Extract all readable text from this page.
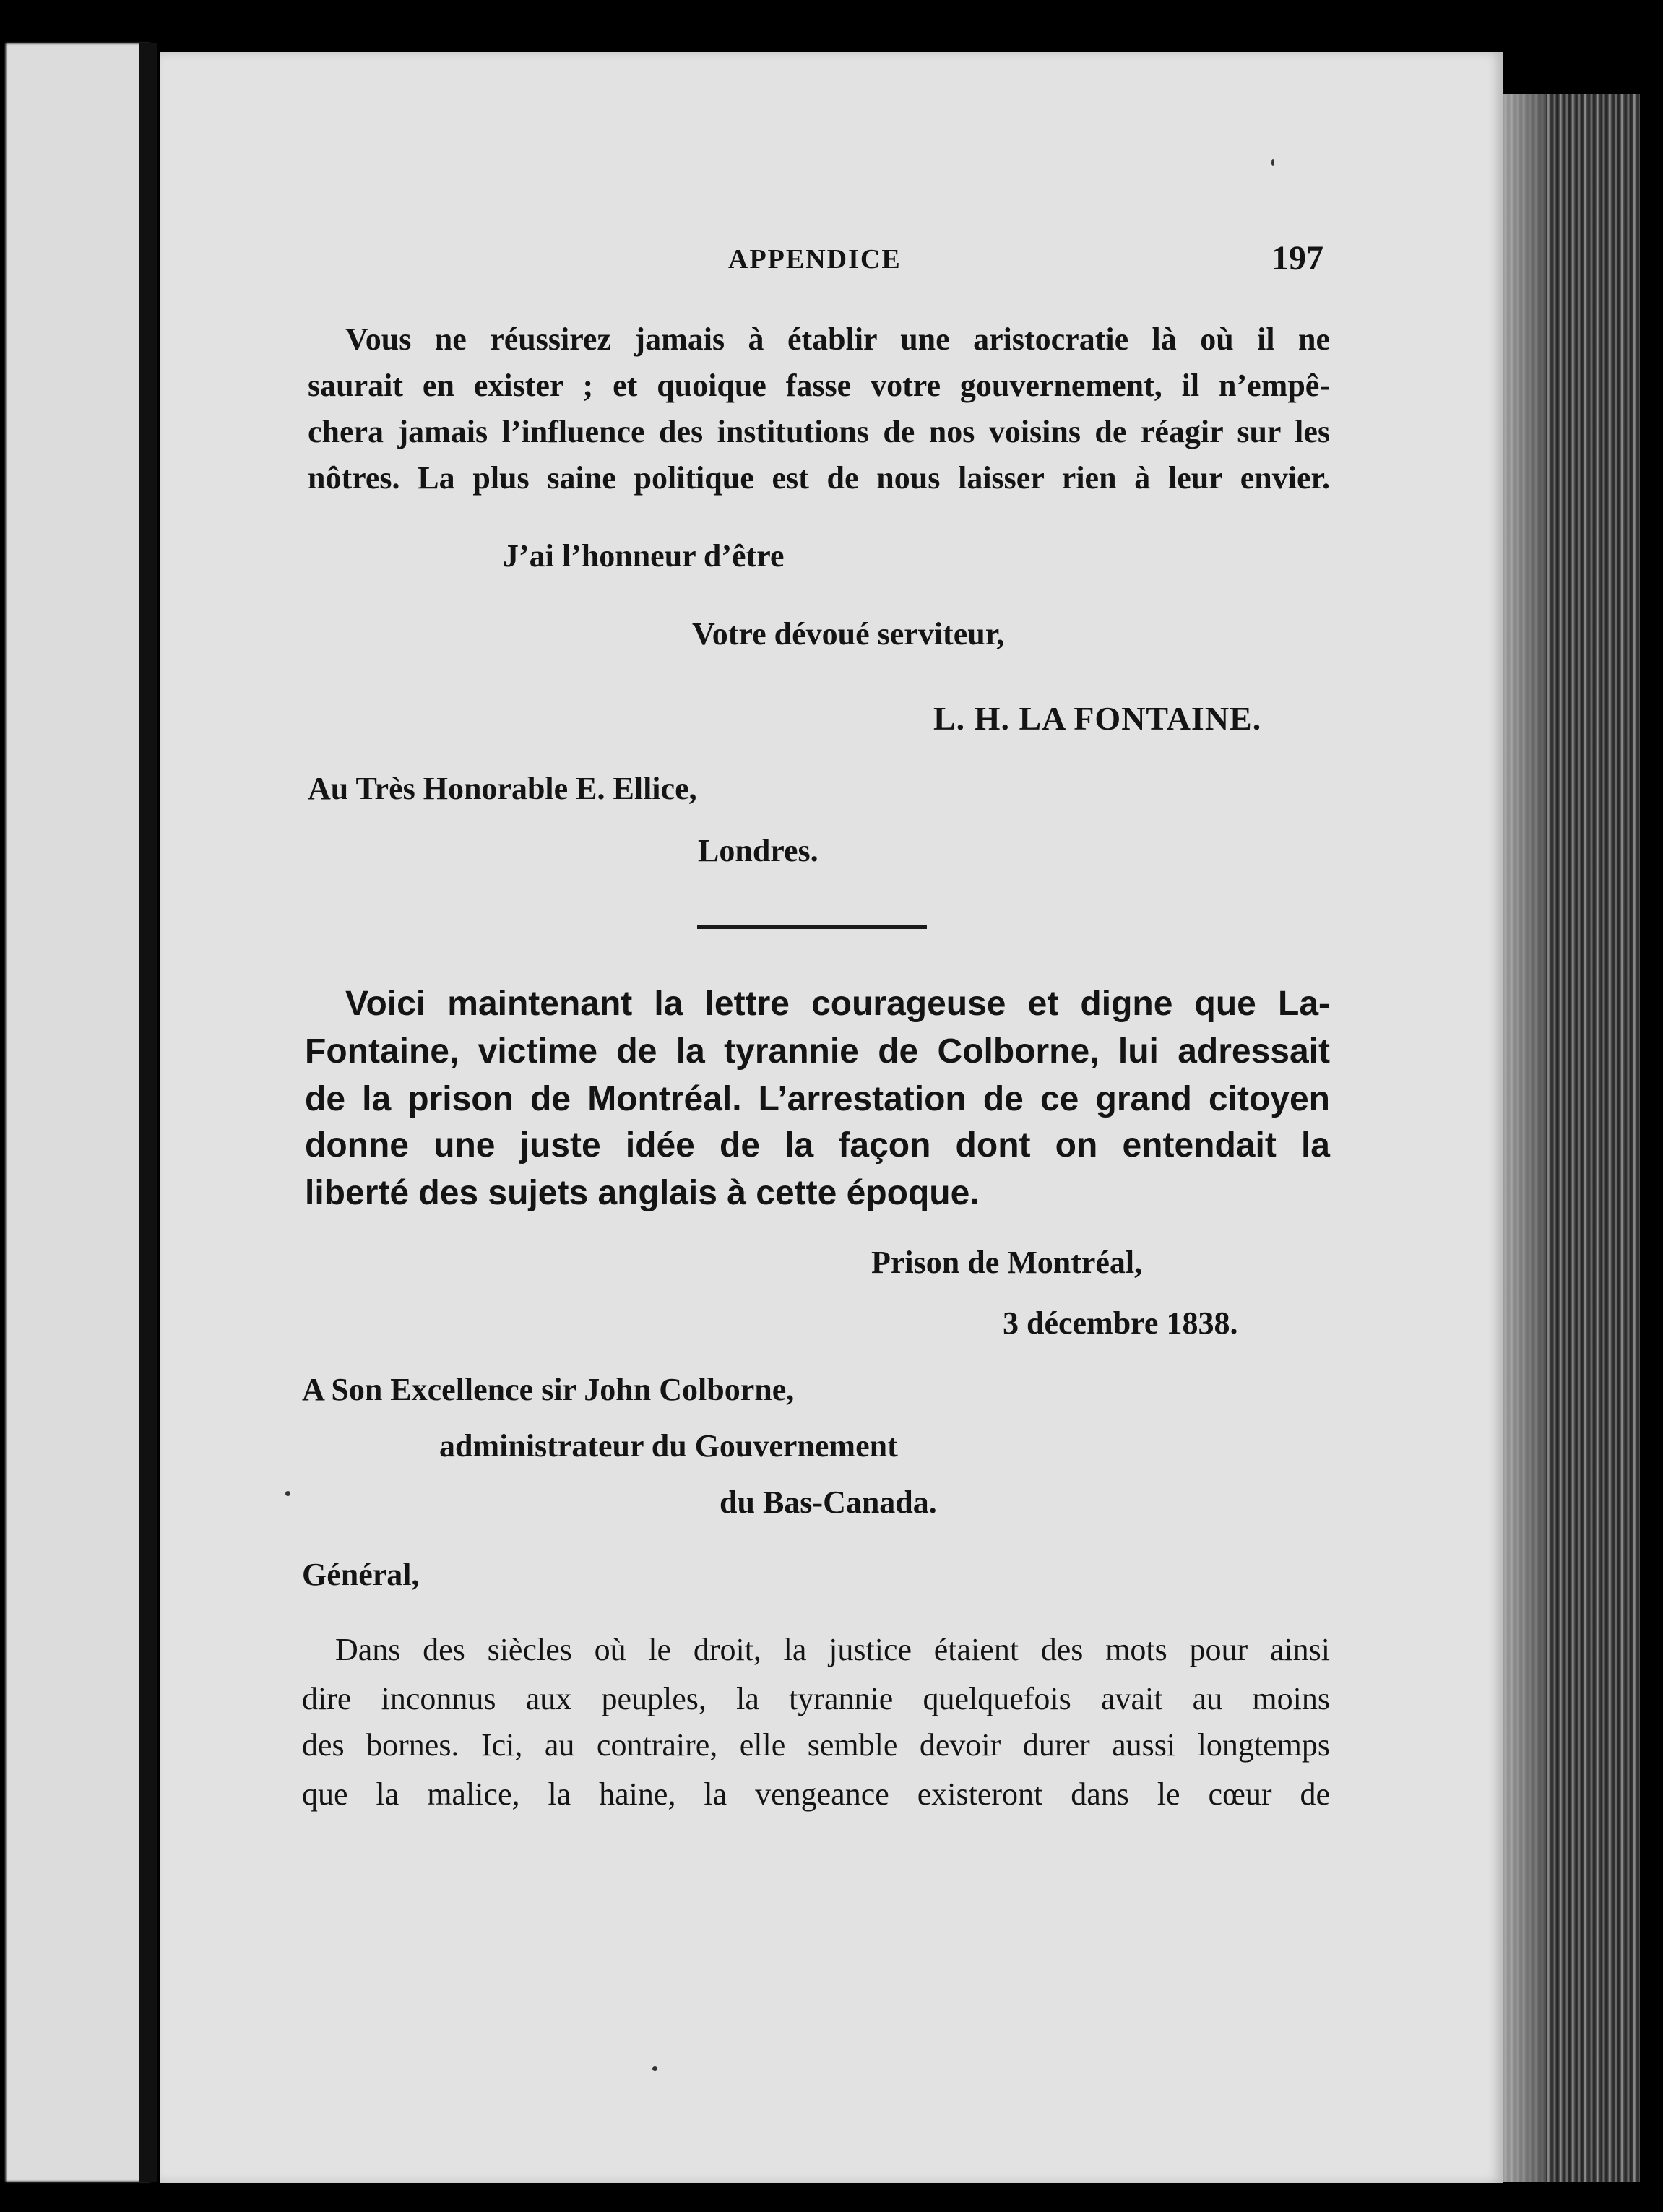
APPENDICE	197
Vous ne réussirez jamais à établir une aristocratie là où il ne
saurait en exister ; et quoique fasse votre gouvernement, il n’empê-
chera jamais l’influence des institutions de nos voisins de réagir sur les
nôtres. La plus saine politique est de nous laisser rien à leur envier.
J’ai l’honneur d’être
Votre dévoué serviteur,
L. H. LA FONTAINE.
Au Très Honorable E. Ellice,
Londres.
Voici maintenant la lettre courageuse et digne que La-
Fontaine, victime de la tyrannie de Colborne, lui adressait
de la prison de Montréal. L’arrestation de ce grand citoyen
donne une juste idée de la façon dont on entendait la
liberté des sujets anglais à cette époque.
Prison de Montréal,
3 décembre 1838.
A Son Excellence sir John Colborne,
administrateur du Gouvernement
du Bas-Canada.
Général,
Dans des siècles où le droit, la justice étaient des mots pour ainsi
dire inconnus aux peuples, la tyrannie quelquefois avait au moins
des bornes. Ici, au contraire, elle semble devoir durer aussi longtemps
que la malice, la haine, la vengeance existeront dans le cœur de
